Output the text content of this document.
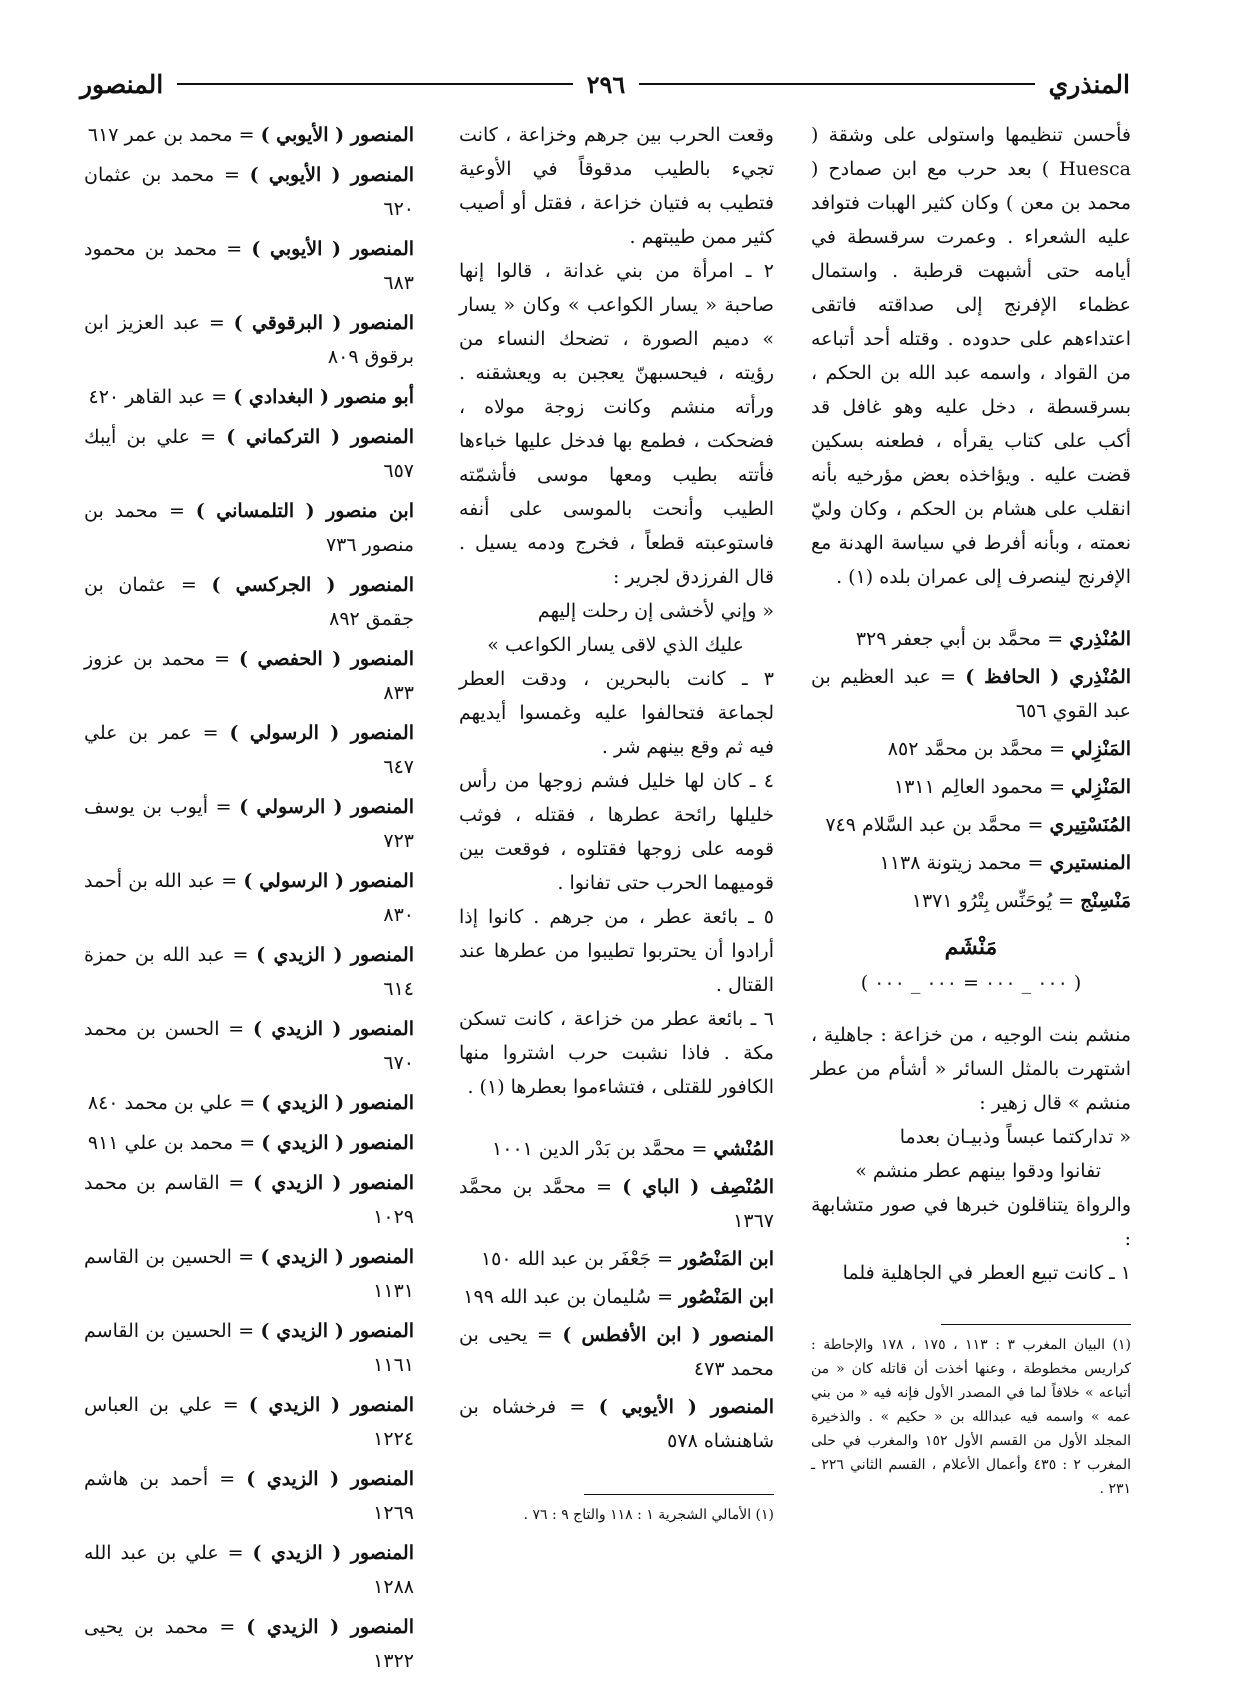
المنذري
٢٩٦
المنصور

فأحسن تنظيمها واستولى على وشقة ( Huesca ) بعد حرب مع ابن صمادح ( محمد بن معن ) وكان كثير الهبات فتوافد عليه الشعراء . وعمرت سرقسطة في أيامه حتى أشبهت قرطبة . واستمال عظماء الإفرنج إلى صداقته فاتقى اعتداءهم على حدوده . وقتله أحد أتباعه من القواد ، واسمه عبد الله بن الحكم ، بسرقسطة ، دخل عليه وهو غافل قد أكب على كتاب يقرأه ، فطعنه بسكين قضت عليه . ويؤاخذه بعض مؤرخيه بأنه انقلب على هشام بن الحكم ، وكان وليّ نعمته ، وبأنه أفرط في سياسة الهدنة مع الإفرنج لينصرف إلى عمران بلده (١) .

المُنْذِري = محمَّد بن أبي جعفر ٣٢٩
المُنْذِري ( الحافظ ) = عبد العظيم بن عبد القوي ٦٥٦
المَنْزِلي = محمَّد بن محمَّد ٨٥٢
المَنْزِلي = محمود العالِم ١٣١١
المُنَسْتِيري = محمَّد بن عبد السَّلام ٧٤٩
المنستيري = محمد زيتونة ١١٣٨
مَنْسِنْج = يُوحَنِّس بِتْرُو ١٣٧١
مَنْشَم
( ٠٠٠ _ ٠٠٠ = ٠٠٠ _ ٠٠٠ )

منشم بنت الوجيه ، من خزاعة : جاهلية ، اشتهرت بالمثل السائر « أشأم من عطر منشم » قال زهير :

« تداركتما عبساً وذبيـان بعدما
تفانوا ودقوا بينهم عطر منشم »

والرواة يتناقلون خبرها في صور متشابهة :

١ ـ كانت تبيع العطر في الجاهلية فلما

(١) البيان المغرب ٣ : ١١٣ ، ١٧٥ ، ١٧٨ والإحاطة : كراريس مخطوطة ، وعنها أخذت أن قاتله كان « من أتباعه » خلافاً لما في المصدر الأول فإنه فيه « من بني عمه » واسمه فيه عبدالله بن « حكيم » . والذخيرة المجلد الأول من القسم الأول ١٥٢ والمغرب في حلى المغرب ٢ : ٤٣٥ وأعمال الأعلام ، القسم الثاني ٢٢٦ ـ ٢٣١ .

وقعت الحرب بين جرهم وخزاعة ، كانت تجيء بالطيب مدقوقاً في الأوعية فتطيب به فتيان خزاعة ، فقتل أو أصيب كثير ممن طيبتهم .

٢ ـ امرأة من بني غدانة ، قالوا إنها صاحبة « يسار الكواعب » وكان « يسار » دميم الصورة ، تضحك النساء من رؤيته ، فيحسبهنّ يعجبن به ويعشقنه . ورأته منشم وكانت زوجة مولاه ، فضحكت ، فطمع بها فدخل عليها خباءها فأتته بطيب ومعها موسى فأشمّته الطيب وأنحت بالموسى على أنفه فاستوعبته قطعاً ، فخرج ودمه يسيل . قال الفرزدق لجرير :

« وإني لأخشى إن رحلت إليهم
عليك الذي لاقى يسار الكواعب »

٣ ـ كانت بالبحرين ، ودقت العطر لجماعة فتحالفوا عليه وغمسوا أيديهم فيه ثم وقع بينهم شر .

٤ ـ كان لها خليل فشم زوجها من رأس خليلها رائحة عطرها ، فقتله ، فوثب قومه على زوجها فقتلوه ، فوقعت بين قوميهما الحرب حتى تفانوا .

٥ ـ بائعة عطر ، من جرهم . كانوا إذا أرادوا أن يحتربوا تطيبوا من عطرها عند القتال .

٦ ـ بائعة عطر من خزاعة ، كانت تسكن مكة . فاذا نشبت حرب اشتروا منها الكافور للقتلى ، فتشاءموا بعطرها (١) .

المُنْشي = محمَّد بن بَدْر الدين ١٠٠١
المُنْصِف ( الباي ) = محمَّد بن محمَّد ١٣٦٧
ابن المَنْصُور = جَعْفَر بن عبد الله ١٥٠
ابن المَنْصُور = سُليمان بن عبد الله ١٩٩
المنصور ( ابن الأفطس ) = يحيى بن محمد ٤٧٣
المنصور ( الأيوبي ) = فرخشاه بن شاهنشاه ٥٧٨

(١) الأمالي الشجرية ١ : ١١٨ والتاج ٩ : ٧٦ .

المنصور ( الأيوبي ) = محمد بن عمر ٦١٧
المنصور ( الأيوبي ) = محمد بن عثمان ٦٢٠
المنصور ( الأيوبي ) = محمد بن محمود ٦٨٣
المنصور ( البرقوقي ) = عبد العزيز ابن برقوق ٨٠٩
أبو منصور ( البغدادي ) = عبد القاهر ٤٢٠
المنصور ( التركماني ) = علي بن أيبك ٦٥٧
ابن منصور ( التلمساني ) = محمد بن منصور ٧٣٦
المنصور ( الجركسي ) = عثمان بن جقمق ٨٩٢
المنصور ( الحفصي ) = محمد بن عزوز ٨٣٣
المنصور ( الرسولي ) = عمر بن علي ٦٤٧
المنصور ( الرسولي ) = أيوب بن يوسف ٧٢٣
المنصور ( الرسولي ) = عبد الله بن أحمد ٨٣٠
المنصور ( الزيدي ) = عبد الله بن حمزة ٦١٤
المنصور ( الزيدي ) = الحسن بن محمد ٦٧٠
المنصور ( الزيدي ) = علي بن محمد ٨٤٠
المنصور ( الزيدي ) = محمد بن علي ٩١١
المنصور ( الزيدي ) = القاسم بن محمد ١٠٢٩
المنصور ( الزيدي ) = الحسين بن القاسم ١١٣١
المنصور ( الزيدي ) = الحسين بن القاسم ١١٦١
المنصور ( الزيدي ) = علي بن العباس ١٢٢٤
المنصور ( الزيدي ) = أحمد بن هاشم ١٢٦٩
المنصور ( الزيدي ) = علي بن عبد الله ١٢٨٨
المنصور ( الزيدي ) = محمد بن يحيى ١٣٢٢
